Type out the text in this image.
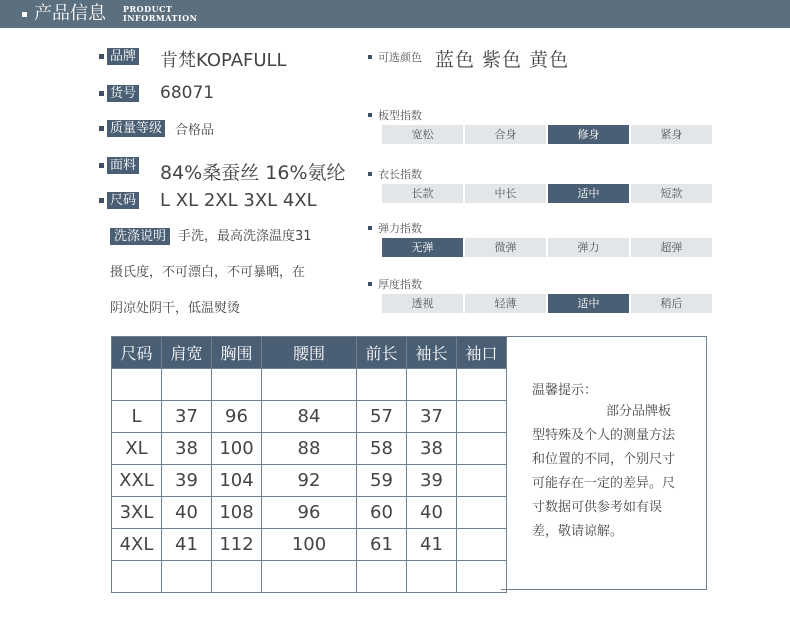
产品信息 PRODUCT
INFORMATION
品牌 肯梵KOPAFULL
货号 68071
质量等级 合格品
面料 84%桑蚕丝 16%氨纶
尺码 L XL 2XL 3XL 4XL
洗涤说明 手洗，最高洗涤温度31
摄氏度，不可漂白，不可暴晒，在
阴凉处阴干，低温熨烫
可选颜色 蓝色 紫色 黄色
板型指数
宽松	合身	修身	紧身
衣长指数
长款	中长	适中	短款
弹力指数
无弹	微弹	弹力	超弹
厚度指数
透视	轻薄	适中	稍后
尺码	肩宽	胸围	腰围	前长	袖长	袖口

L	37	96	84	57	37	
XL	38	100	88	58	38	
XXL	39	104	92	59	39	
3XL	40	108	96	60	40	
4XL	41	112	100	61	41	

温馨提示：
部分品牌板
型特殊及个人的测量方法和位置的不同，个别尺寸可能存在一定的差异。尺寸数据可供参考如有误差，敬请谅解。
